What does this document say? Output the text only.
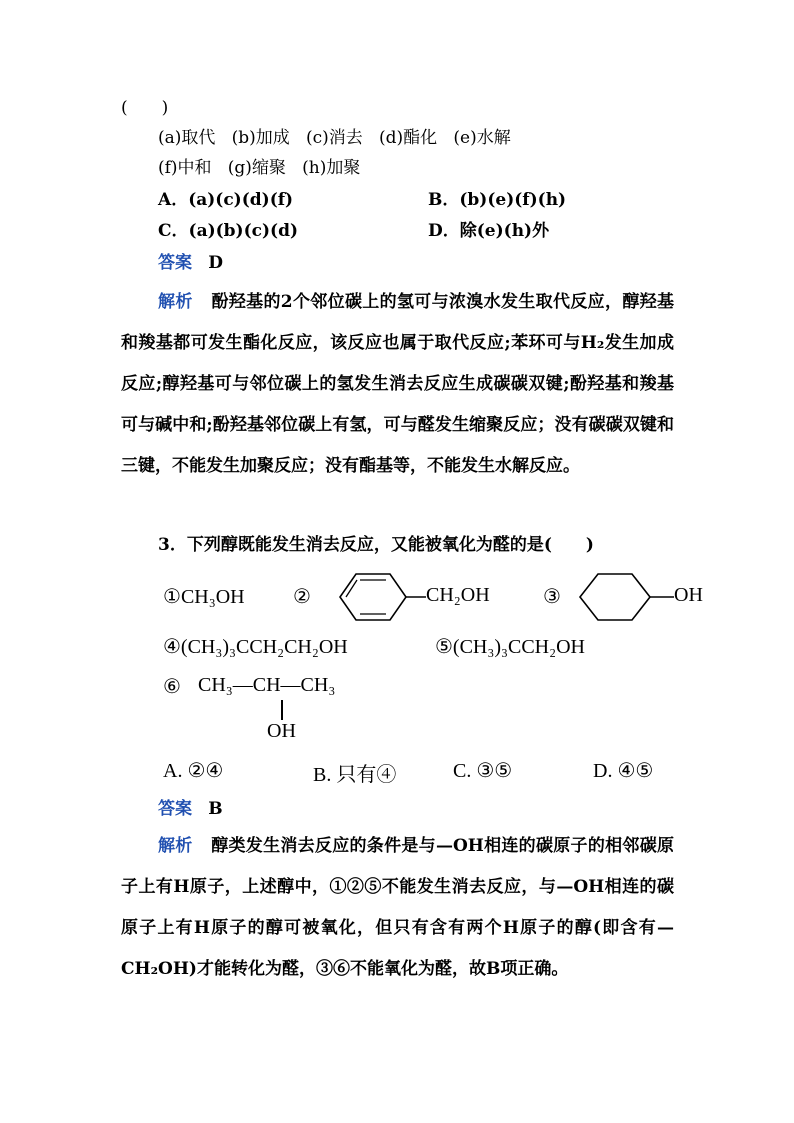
(　　)
(a)取代 (b)加成 (c)消去 (d)酯化 (e)水解
(f)中和 (g)缩聚 (h)加聚
A．(a)(c)(d)(f)	B．(b)(e)(f)(h)
C．(a)(b)(c)(d)	D．除(e)(h)外
答案 D
解析 酚羟基的2个邻位碳上的氢可与浓溴水发生取代反应，醇羟基和羧基都可发生酯化反应，该反应也属于取代反应;苯环可与H₂发生加成反应;醇羟基可与邻位碳上的氢发生消去反应生成碳碳双键;酚羟基和羧基可与碱中和;酚羟基邻位碳上有氢，可与醛发生缩聚反应；没有碳碳双键和三键，不能发生加聚反应；没有酯基等，不能发生水解反应。
3．下列醇既能发生消去反应，又能被氧化为醛的是(　　)
①CH₃OH ②	CH₂OH	③	OH
④(CH₃)₃CCH₂CH₂OH	⑤(CH₃)₃CCH₂OH
⑥ CH₃—CH—CH₃
OH
A. ②④	B. 只有④	C. ③⑤	D. ④⑤
答案 B
解析 醇类发生消去反应的条件是与—OH相连的碳原子的相邻碳原子上有H原子，上述醇中，①②⑤不能发生消去反应，与—OH相连的碳原子上有H原子的醇可被氧化，但只有含有两个H原子的醇(即含有—CH₂OH)才能转化为醛，③⑥不能氧化为醛，故B项正确。
